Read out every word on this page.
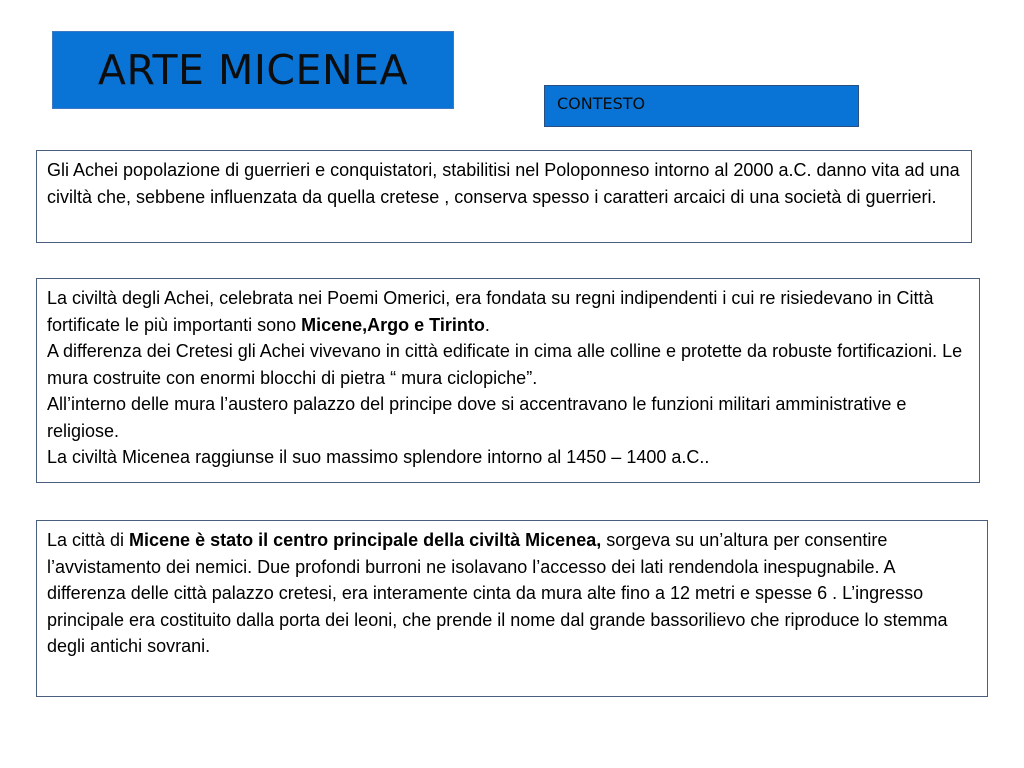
ARTE MICENEA
CONTESTO

Gli Achei popolazione di guerrieri e conquistatori, stabilitisi nel Poloponneso intorno al 2000 a.C. danno vita ad una civiltà che, sebbene influenzata da quella cretese , conserva spesso i caratteri arcaici di una società di guerrieri.

La civiltà degli Achei, celebrata nei Poemi Omerici, era fondata su regni indipendenti i cui re risiedevano in Città fortificate le più importanti sono Micene,Argo e Tirinto.

A differenza dei Cretesi gli Achei vivevano in città edificate in cima alle colline e protette da robuste fortificazioni. Le mura costruite con enormi blocchi di pietra “ mura ciclopiche”.

All’interno delle mura l’austero palazzo del principe dove si accentravano le funzioni militari amministrative e religiose.

La civiltà Micenea raggiunse il suo massimo splendore intorno al 1450 – 1400 a.C..

La città di Micene è stato il centro principale della civiltà Micenea, sorgeva su un’altura per consentire l’avvistamento dei nemici. Due profondi burroni ne isolavano l’accesso dei lati rendendola inespugnabile. A differenza delle città palazzo cretesi, era interamente cinta da mura alte fino a 12 metri e spesse 6 . L’ingresso principale era costituito dalla porta dei leoni, che prende il nome dal grande bassorilievo che riproduce lo stemma degli antichi sovrani.
